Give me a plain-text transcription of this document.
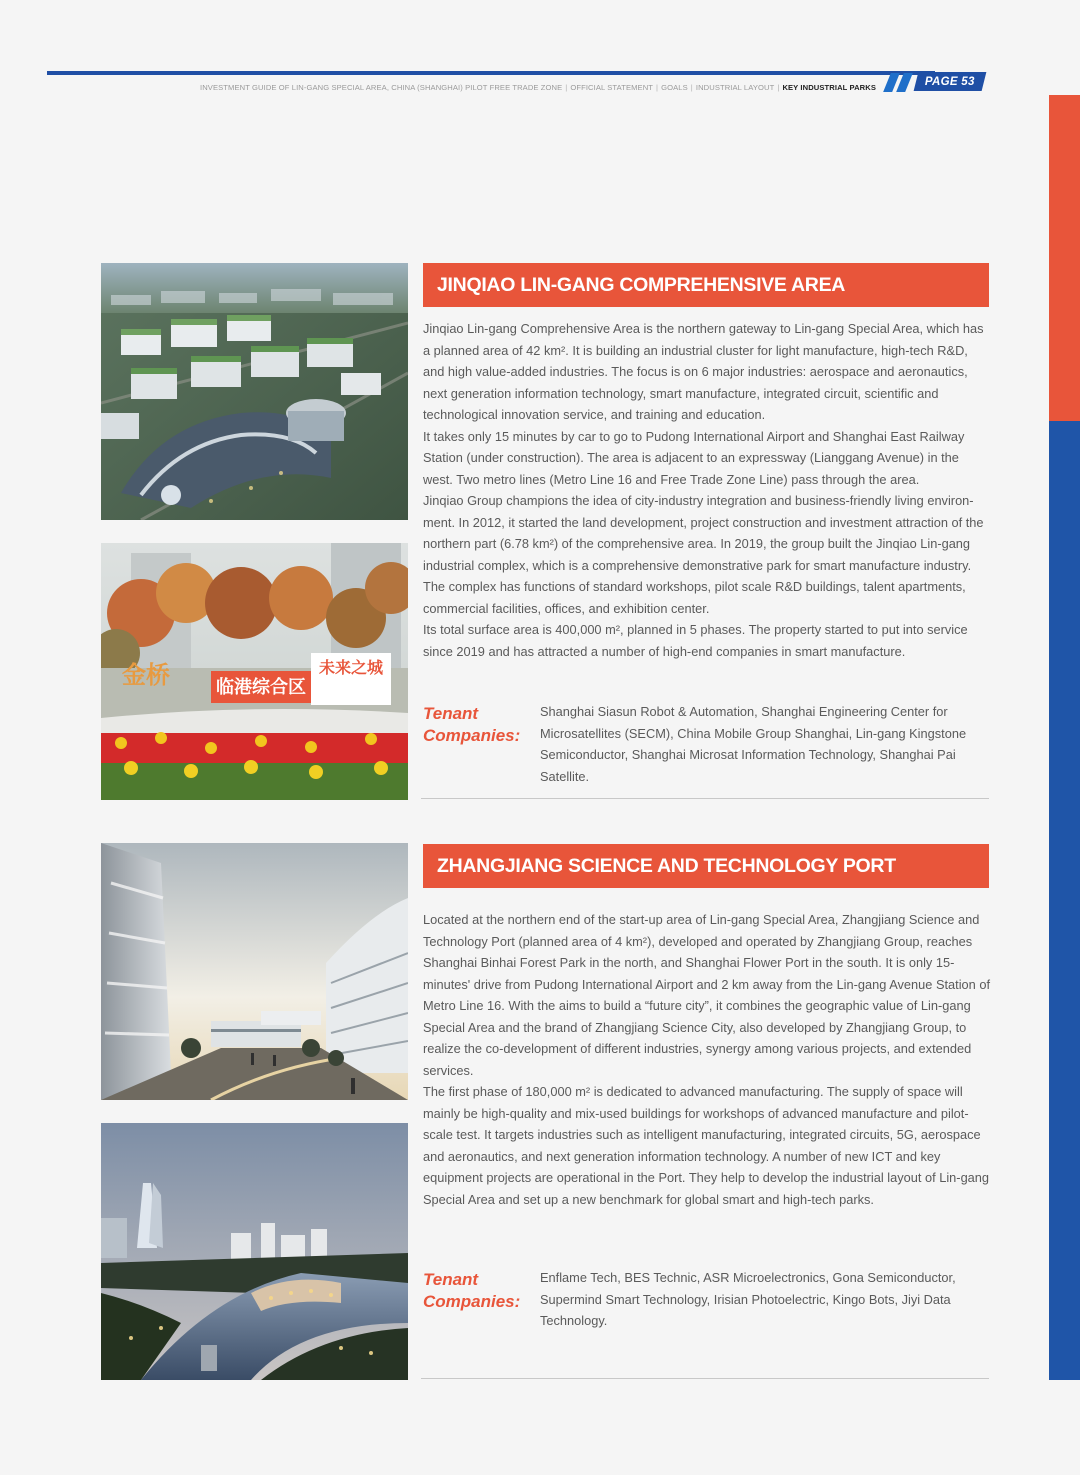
INVESTMENT GUIDE OF LIN-GANG SPECIAL AREA, CHINA (SHANGHAI) PILOT FREE TRADE ZONE | OFFICIAL STATEMENT | GOALS | INDUSTRIAL LAYOUT | KEY INDUSTRIAL PARKS	PAGE 53
临港综合区
未来之城
金桥
JINQIAO LIN-GANG COMPREHENSIVE AREA

Jinqiao Lin-gang Comprehensive Area is the northern gateway to Lin-gang Special Area, which has a planned area of 42 km². It is building an industrial cluster for light manufacture, high-tech R&D, and high value-added industries. The focus is on 6 major industries: aerospace and aeronautics, next generation information technology, smart manufacture, integrated circuit, scientific and technological innovation service, and training and education.

It takes only 15 minutes by car to go to Pudong International Airport and Shanghai East Railway Station (under construction). The area is adjacent to an expressway (Lianggang Avenue) in the west. Two metro lines (Metro Line 16 and Free Trade Zone Line) pass through the area.

Jinqiao Group champions the idea of city-industry integration and business-friendly living environ-ment. In 2012, it started the land development, project construction and investment attraction of the northern part (6.78 km²) of the comprehensive area. In 2019, the group built the Jinqiao Lin-gang industrial complex, which is a comprehensive demonstrative park for smart manufacture industry. The complex has functions of standard workshops, pilot scale R&D buildings, talent apartments, commercial facilities, offices, and exhibition center.

Its total surface area is 400,000 m², planned in 5 phases. The property started to put into service since 2019 and has attracted a number of high-end companies in smart manufacture.

Tenant
Companies:
Shanghai Siasun Robot & Automation, Shanghai Engineering Center for Microsatellites (SECM), China Mobile Group Shanghai, Lin-gang Kingstone Semiconductor, Shanghai Microsat Information Technology, Shanghai Pai Satellite.
ZHANGJIANG SCIENCE AND TECHNOLOGY PORT

Located at the northern end of the start-up area of Lin-gang Special Area, Zhangjiang Science and Technology Port (planned area of 4 km²), developed and operated by Zhangjiang Group, reaches Shanghai Binhai Forest Park in the north, and Shanghai Flower Port in the south. It is only 15-minutes' drive from Pudong International Airport and 2 km away from the Lin-gang Avenue Station of Metro Line 16. With the aims to build a “future city”, it combines the geographic value of Lin-gang Special Area and the brand of Zhangjiang Science City, also developed by Zhangjiang Group, to realize the co-development of different industries, synergy among various projects, and extended services.

The first phase of 180,000 m² is dedicated to advanced manufacturing. The supply of space will mainly be high-quality and mix-used buildings for workshops of advanced manufacture and pilot-scale test. It targets industries such as intelligent manufacturing, integrated circuits, 5G, aerospace and aeronautics, and next generation information technology. A number of new ICT and key equipment projects are operational in the Port. They help to develop the industrial layout of Lin-gang Special Area and set up a new benchmark for global smart and high-tech parks.

Tenant
Companies:
Enflame Tech, BES Technic, ASR Microelectronics, Gona Semiconductor, Supermind Smart Technology, Irisian Photoelectric, Kingo Bots, Jiyi Data Technology.
